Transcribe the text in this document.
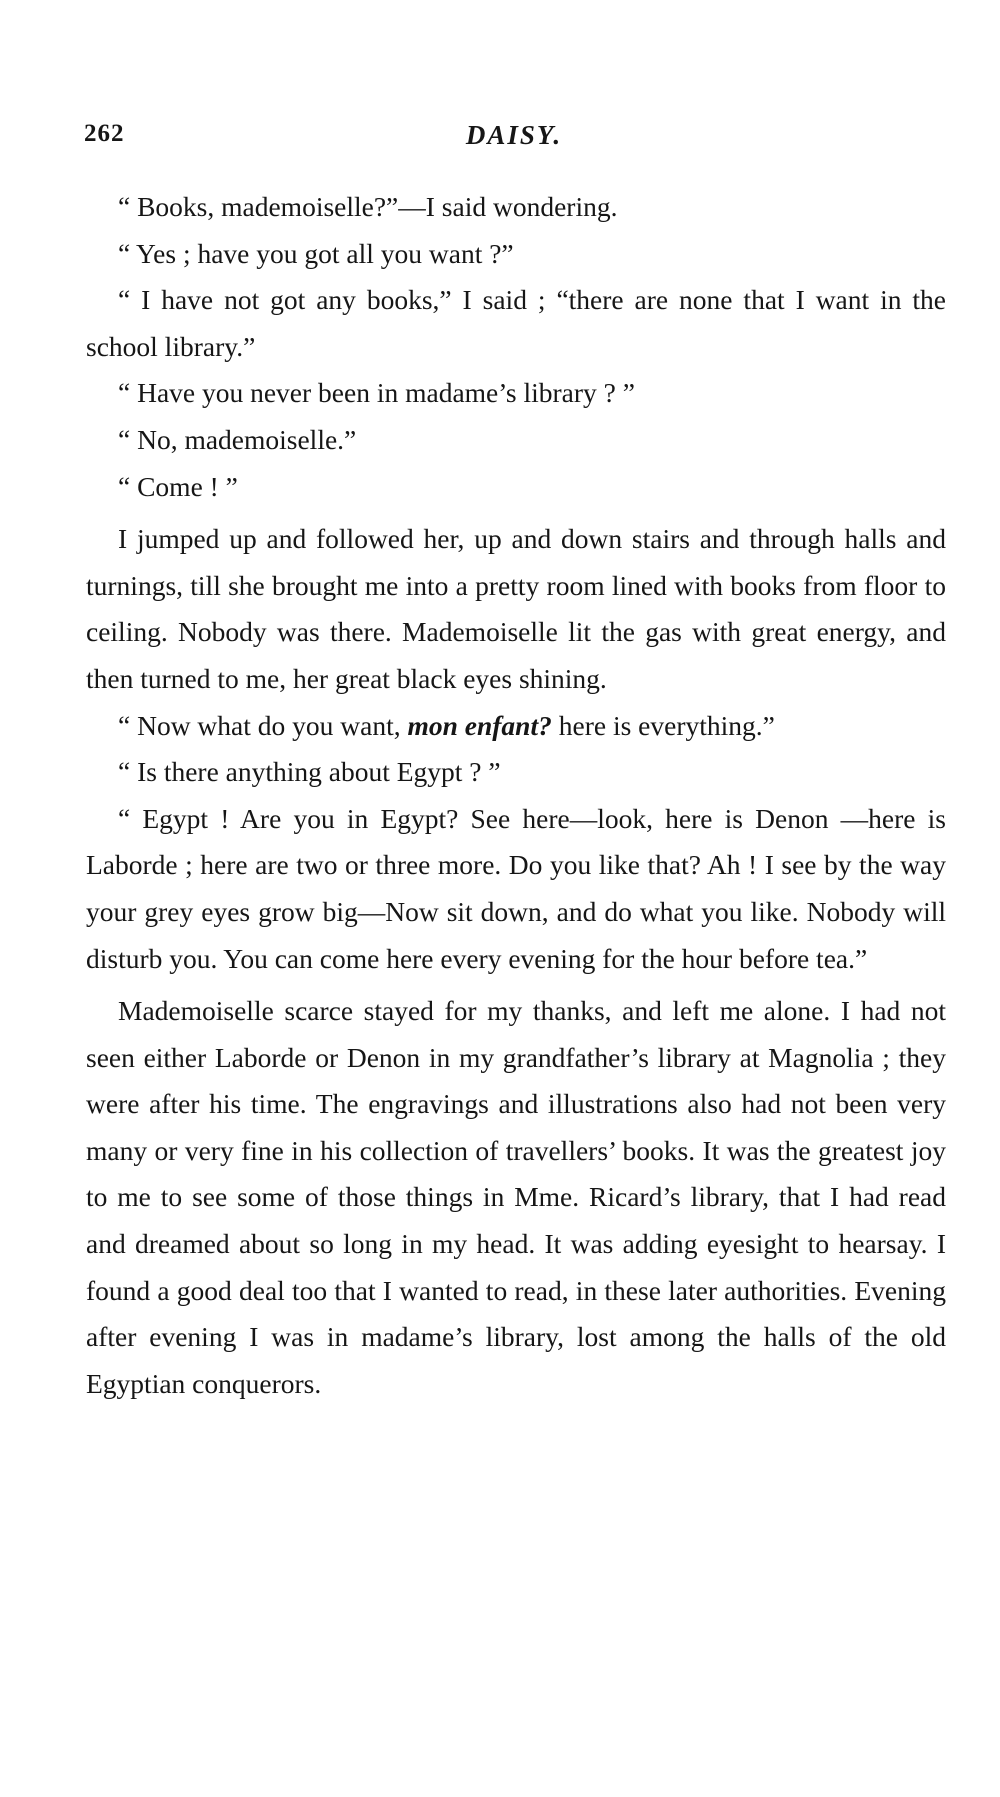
262	DAISY.

“ Books, mademoiselle?”—I said wondering.

“ Yes ; have you got all you want ?”

“ I have not got any books,” I said ; “there are none that I want in the school library.”

“ Have you never been in madame’s library ? ”

“ No, mademoiselle.”

“ Come ! ”

I jumped up and followed her, up and down stairs and through halls and turnings, till she brought me into a pretty room lined with books from floor to ceiling. Nobody was there. Mademoiselle lit the gas with great energy, and then turned to me, her great black eyes shining.

“ Now what do you want, mon enfant? here is everything.”

“ Is there anything about Egypt ? ”

“ Egypt ! Are you in Egypt? See here—look, here is Denon —here is Laborde ; here are two or three more. Do you like that? Ah ! I see by the way your grey eyes grow big—Now sit down, and do what you like. Nobody will disturb you. You can come here every evening for the hour before tea.”

Mademoiselle scarce stayed for my thanks, and left me alone. I had not seen either Laborde or Denon in my grandfather’s library at Magnolia ; they were after his time. The engravings and illustrations also had not been very many or very fine in his collection of travellers’ books. It was the greatest joy to me to see some of those things in Mme. Ricard’s library, that I had read and dreamed about so long in my head. It was adding eyesight to hearsay. I found a good deal too that I wanted to read, in these later authorities. Evening after evening I was in madame’s library, lost among the halls of the old Egyptian conquerors.
